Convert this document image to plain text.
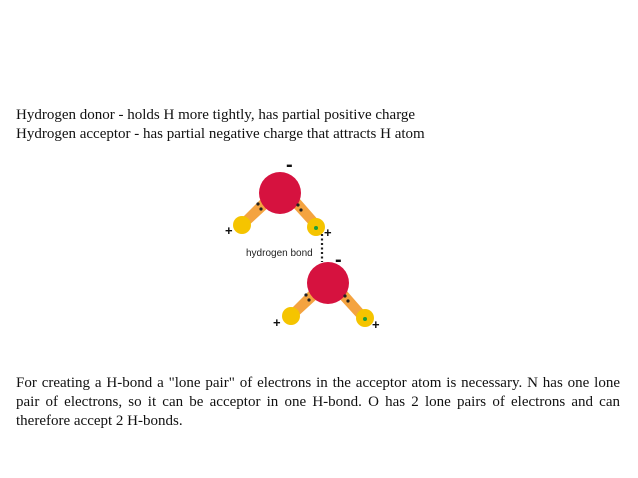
Hydrogen donor - holds H more tightly, has partial positive charge
Hydrogen acceptor - has partial negative charge that attracts H atom
-
+	+
hydrogen bond -
+	+
For creating a H-bond a "lone pair" of electrons in the acceptor atom is necessary. N has one lone pair of electrons, so it can be acceptor in one H-bond. O has 2 lone pairs of electrons and can therefore accept 2 H-bonds.
